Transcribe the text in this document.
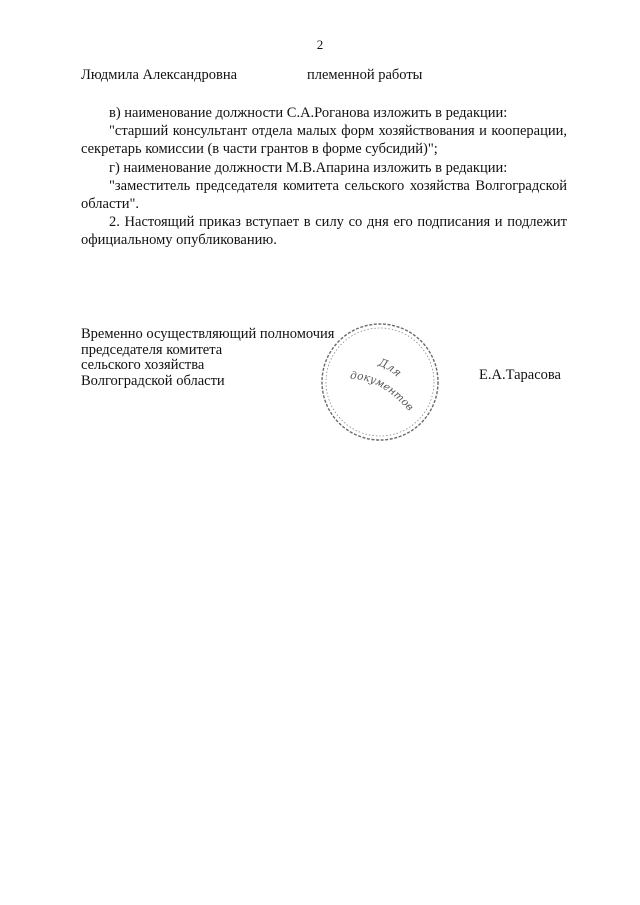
2
Людмила Александровна	племенной работы

в) наименование должности С.А.Роганова изложить в редакции:

"старший консультант отдела малых форм хозяйствования и кооперации, секретарь комиссии (в части грантов в форме субсидий)";

г) наименование должности М.В.Апарина изложить в редакции:

"заместитель председателя комитета сельского хозяйства Волгоградской области".

2. Настоящий приказ вступает в силу со дня его подписания и подлежит официальному опубликованию.

Временно осуществляющий полномочия
председателя комитета
сельского хозяйства
Волгоградской области
Для
документов
Е.А.Тарасова
